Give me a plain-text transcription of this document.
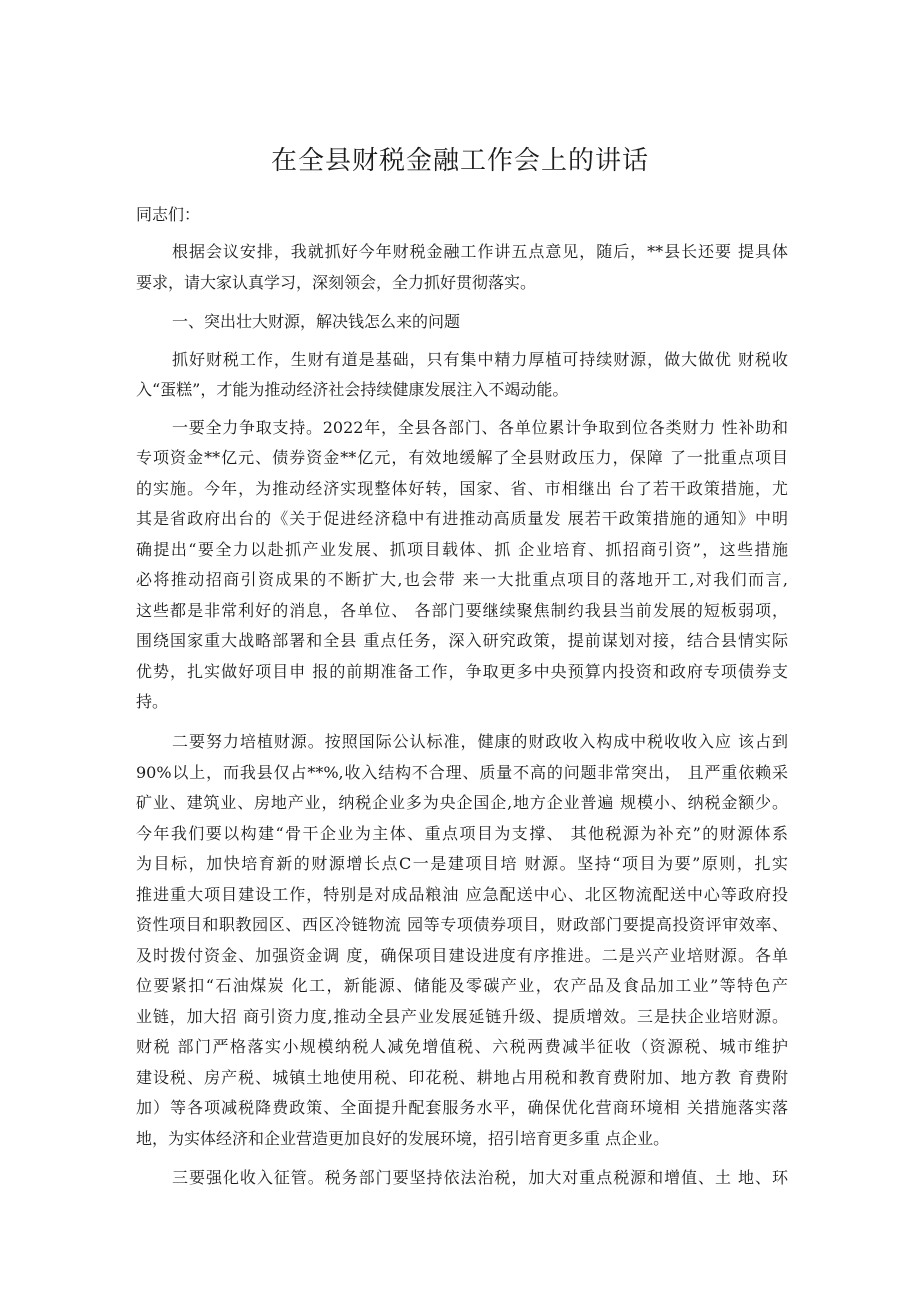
在全县财税金融工作会上的讲话
同志们：
根据会议安排，我就抓好今年财税金融工作讲五点意见，随后，**县长还要 提具体
要求，请大家认真学习，深刻领会，全力抓好贯彻落实。
一、突出壮大财源，解决钱怎么来的问题
抓好财税工作，生财有道是基础，只有集中精力厚植可持续财源，做大做优 财税收
入“蛋糕”，才能为推动经济社会持续健康发展注入不竭动能。
一要全力争取支持。2022年，全县各部门、各单位累计争取到位各类财力 性补助和
专项资金**亿元、债券资金**亿元，有效地缓解了全县财政压力，保障 了一批重点项目
的实施。今年，为推动经济实现整体好转，国家、省、市相继出 台了若干政策措施，尤
其是省政府出台的《关于促进经济稳中有进推动高质量发 展若干政策措施的通知》中明
确提出“要全力以赴抓产业发展、抓项目载体、抓 企业培育、抓招商引资”，这些措施
必将推动招商引资成果的不断扩大,也会带 来一大批重点项目的落地开工,对我们而言,
这些都是非常利好的消息，各单位、 各部门要继续聚焦制约我县当前发展的短板弱项，
围绕国家重大战略部署和全县 重点任务，深入研究政策，提前谋划对接，结合县情实际
优势，扎实做好项目申 报的前期准备工作，争取更多中央预算内投资和政府专项债券支
持。
二要努力培植财源。按照国际公认标准，健康的财政收入构成中税收收入应 该占到
90%以上，而我县仅占**%,收入结构不合理、质量不高的问题非常突出， 且严重依赖采
矿业、建筑业、房地产业，纳税企业多为央企国企,地方企业普遍 规模小、纳税金额少。
今年我们要以构建“骨干企业为主体、重点项目为支撑、 其他税源为补充”的财源体系
为目标，加快培育新的财源增长点C一是建项目培 财源。坚持“项目为要”原则，扎实
推进重大项目建设工作，特别是对成品粮油 应急配送中心、北区物流配送中心等政府投
资性项目和职教园区、西区冷链物流 园等专项债券项目，财政部门要提高投资评审效率、
及时拨付资金、加强资金调 度，确保项目建设进度有序推进。二是兴产业培财源。各单
位要紧扣“石油煤炭 化工，新能源、储能及零碳产业，农产品及食品加工业”等特色产
业链，加大招 商引资力度,推动全县产业发展延链升级、提质增效。三是扶企业培财源。
财税 部门严格落实小规模纳税人减免增值税、六税两费减半征收（资源税、城市维护
建设税、房产税、城镇土地使用税、印花税、耕地占用税和教育费附加、地方教 育费附
加）等各项减税降费政策、全面提升配套服务水平，确保优化营商环境相 关措施落实落
地，为实体经济和企业营造更加良好的发展环境，招引培育更多重 点企业。
三要强化收入征管。税务部门要坚持依法治税，加大对重点税源和增值、土 地、环
